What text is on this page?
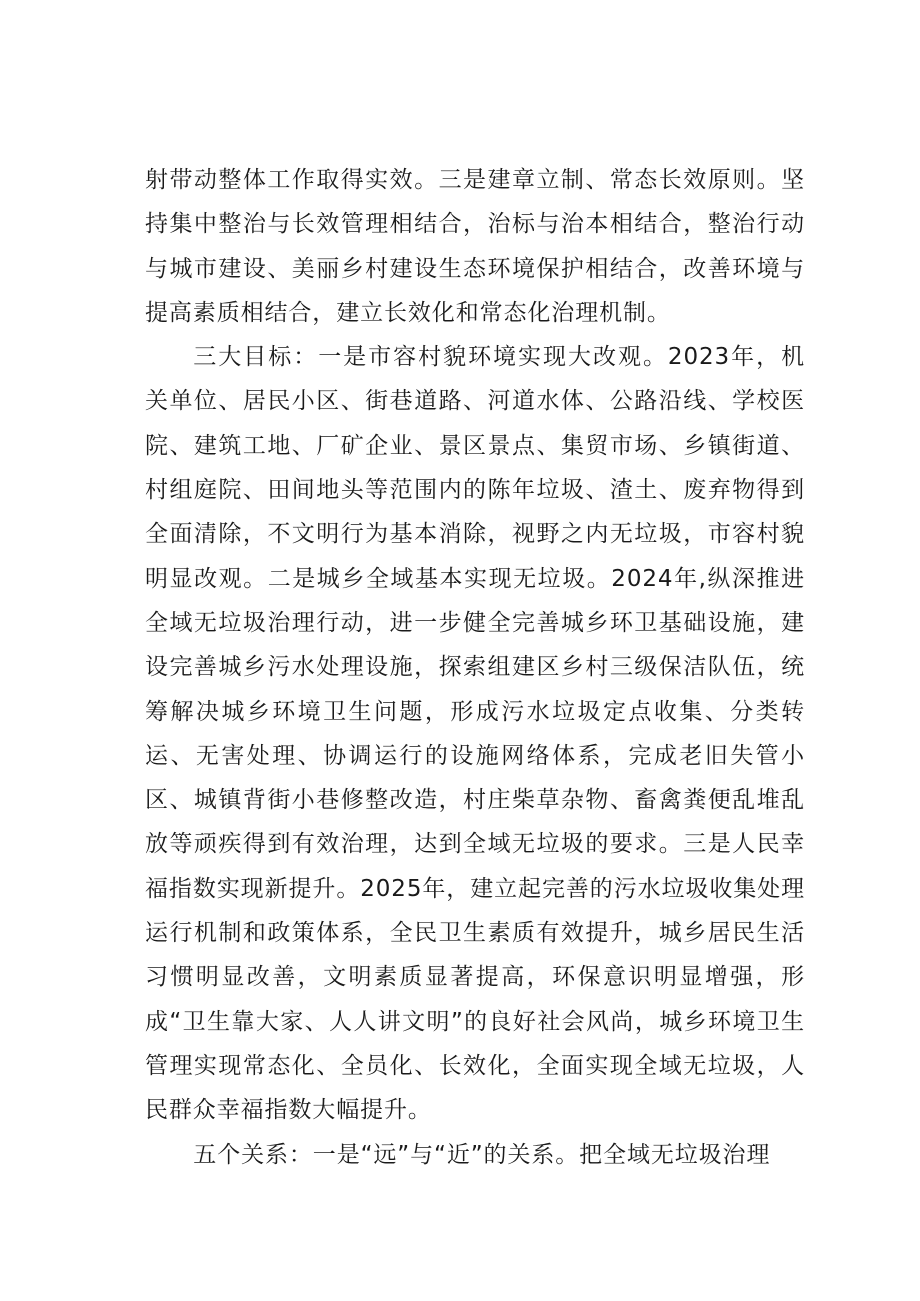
射带动整体工作取得实效。三是建章立制、常态长效原则。坚持集中整治与长效管理相结合，治标与治本相结合，整治行动与城市建设、美丽乡村建设生态环境保护相结合，改善环境与提高素质相结合，建立长效化和常态化治理机制。

三大目标：一是市容村貌环境实现大改观。2023年，机关单位、居民小区、街巷道路、河道水体、公路沿线、学校医院、建筑工地、厂矿企业、景区景点、集贸市场、乡镇街道、村组庭院、田间地头等范围内的陈年垃圾、渣土、废弃物得到全面清除，不文明行为基本消除，视野之内无垃圾，市容村貌明显改观。二是城乡全域基本实现无垃圾。2024年,纵深推进全域无垃圾治理行动，进一步健全完善城乡环卫基础设施，建设完善城乡污水处理设施，探索组建区乡村三级保洁队伍，统筹解决城乡环境卫生问题，形成污水垃圾定点收集、分类转运、无害处理、协调运行的设施网络体系，完成老旧失管小区、城镇背街小巷修整改造，村庄柴草杂物、畜禽粪便乱堆乱放等顽疾得到有效治理，达到全域无垃圾的要求。三是人民幸福指数实现新提升。2025年，建立起完善的污水垃圾收集处理运行机制和政策体系，全民卫生素质有效提升，城乡居民生活习惯明显改善，文明素质显著提高，环保意识明显增强，形成“卫生靠大家、人人讲文明”的良好社会风尚，城乡环境卫生管理实现常态化、全员化、长效化，全面实现全域无垃圾，人民群众幸福指数大幅提升。

五个关系：一是“远”与“近”的关系。把全域无垃圾治理
